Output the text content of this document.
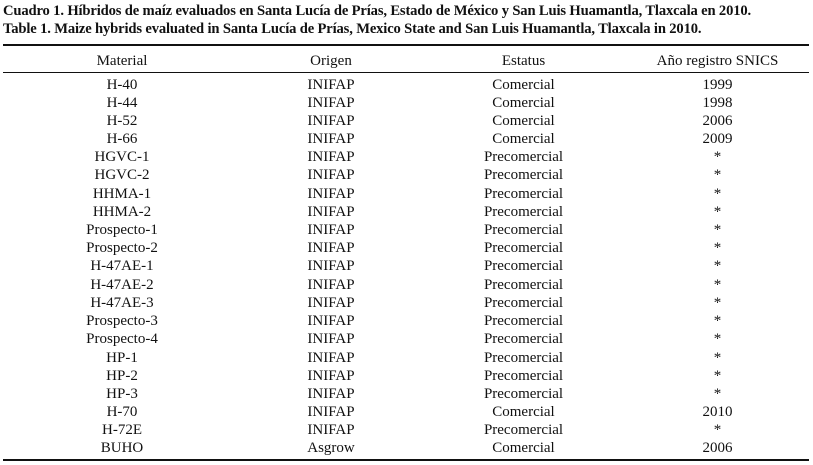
Cuadro 1. Híbridos de maíz evaluados en Santa Lucía de Prías, Estado de México y San Luis Huamantla, Tlaxcala en 2010.
Table 1. Maize hybrids evaluated in Santa Lucía de Prías, Mexico State and San Luis Huamantla, Tlaxcala in 2010.
Material	Origen	Estatus	Año registro SNICS
H-40	INIFAP	Comercial	1999
H-44	INIFAP	Comercial	1998
H-52	INIFAP	Comercial	2006
H-66	INIFAP	Comercial	2009
HGVC-1	INIFAP	Precomercial	*
HGVC-2	INIFAP	Precomercial	*
HHMA-1	INIFAP	Precomercial	*
HHMA-2	INIFAP	Precomercial	*
Prospecto-1	INIFAP	Precomercial	*
Prospecto-2	INIFAP	Precomercial	*
H-47AE-1	INIFAP	Precomercial	*
H-47AE-2	INIFAP	Precomercial	*
H-47AE-3	INIFAP	Precomercial	*
Prospecto-3	INIFAP	Precomercial	*
Prospecto-4	INIFAP	Precomercial	*
HP-1	INIFAP	Precomercial	*
HP-2	INIFAP	Precomercial	*
HP-3	INIFAP	Precomercial	*
H-70	INIFAP	Comercial	2010
H-72E	INIFAP	Precomercial	*
BUHO	Asgrow	Comercial	2006
